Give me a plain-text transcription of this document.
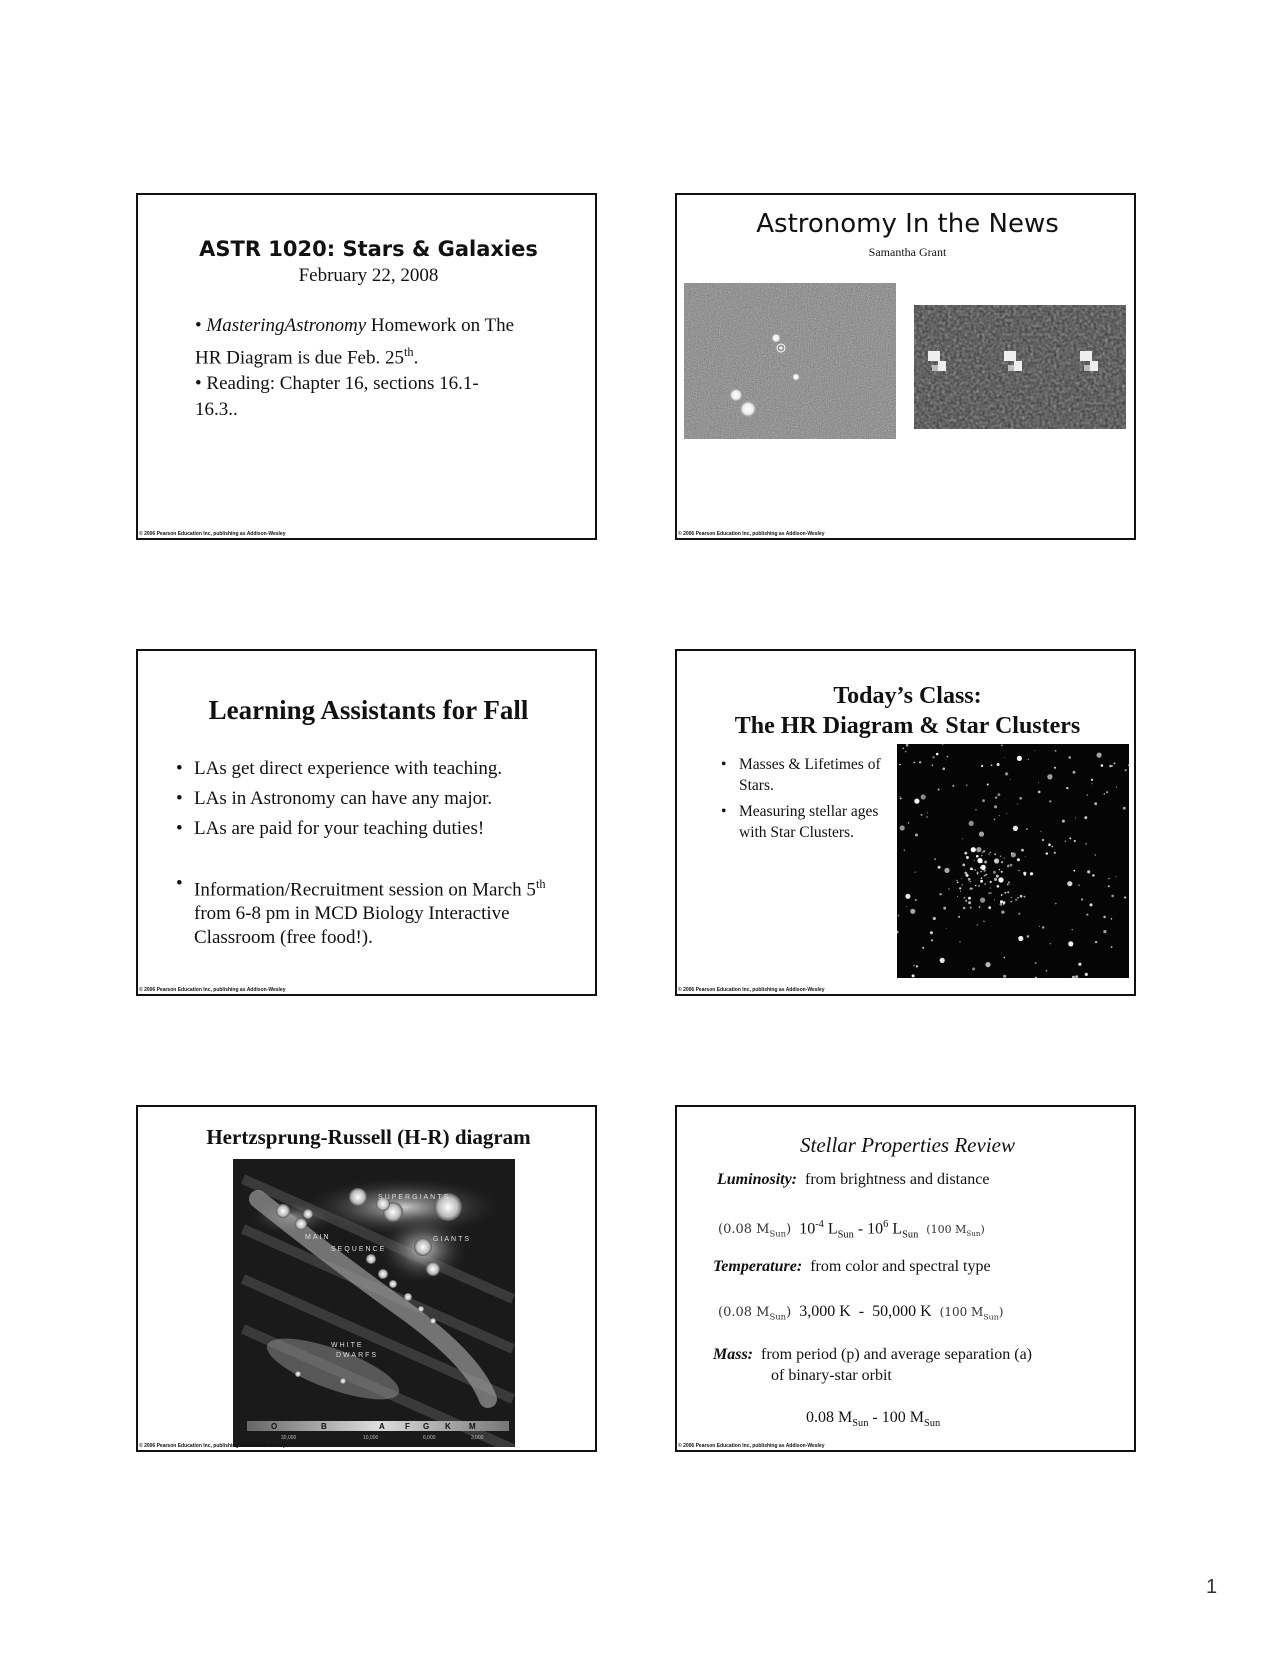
ASTR 1020: Stars & Galaxies
February 22, 2008
• MasteringAstronomy Homework on The HR Diagram is due Feb. 25th.
• Reading: Chapter 16, sections 16.1-16.3..
© 2006 Pearson Education Inc, publishing as Addison-Wesley
Astronomy In the News
Samantha Grant
© 2006 Pearson Education Inc, publishing as Addison-Wesley
Learning Assistants for Fall
• LAs get direct experience with teaching.
• LAs in Astronomy can have any major.
• LAs are paid for your teaching duties!
• Information/Recruitment session on March 5th from 6-8 pm in MCD Biology Interactive Classroom (free food!).
© 2006 Pearson Education Inc, publishing as Addison-Wesley
Today’s Class:
The HR Diagram & Star Clusters
• Masses & Lifetimes of Stars.
• Measuring stellar ages with Star Clusters.
© 2006 Pearson Education Inc, publishing as Addison-Wesley
Hertzsprung-Russell (H-R) diagram
SUPERGIANTS
GIANTS
MAIN
SEQUENCE
WHITE
DWARFS
O	B	A	F G K M
30,000	10,000	6,000	3,000
© 2006 Pearson Education Inc, publishing as Addison-Wesley
Stellar Properties Review
Luminosity: from brightness and distance
(0.08 $M_{Sun}$) $10^{-4}$ $L_{Sun} - 10^6$ $L_{Sun}$ (100 $M_{Sun}$)
Temperature: from color and spectral type
(0.08 $M_{Sun}$) 3,000 K  -  50,000 K (100 $M_{Sun}$)
Mass: from period (p) and average separation (a)
of binary-star orbit
0.08 $M_{Sun} - 100$ $M_{Sun}$
© 2006 Pearson Education Inc, publishing as Addison-Wesley
1
